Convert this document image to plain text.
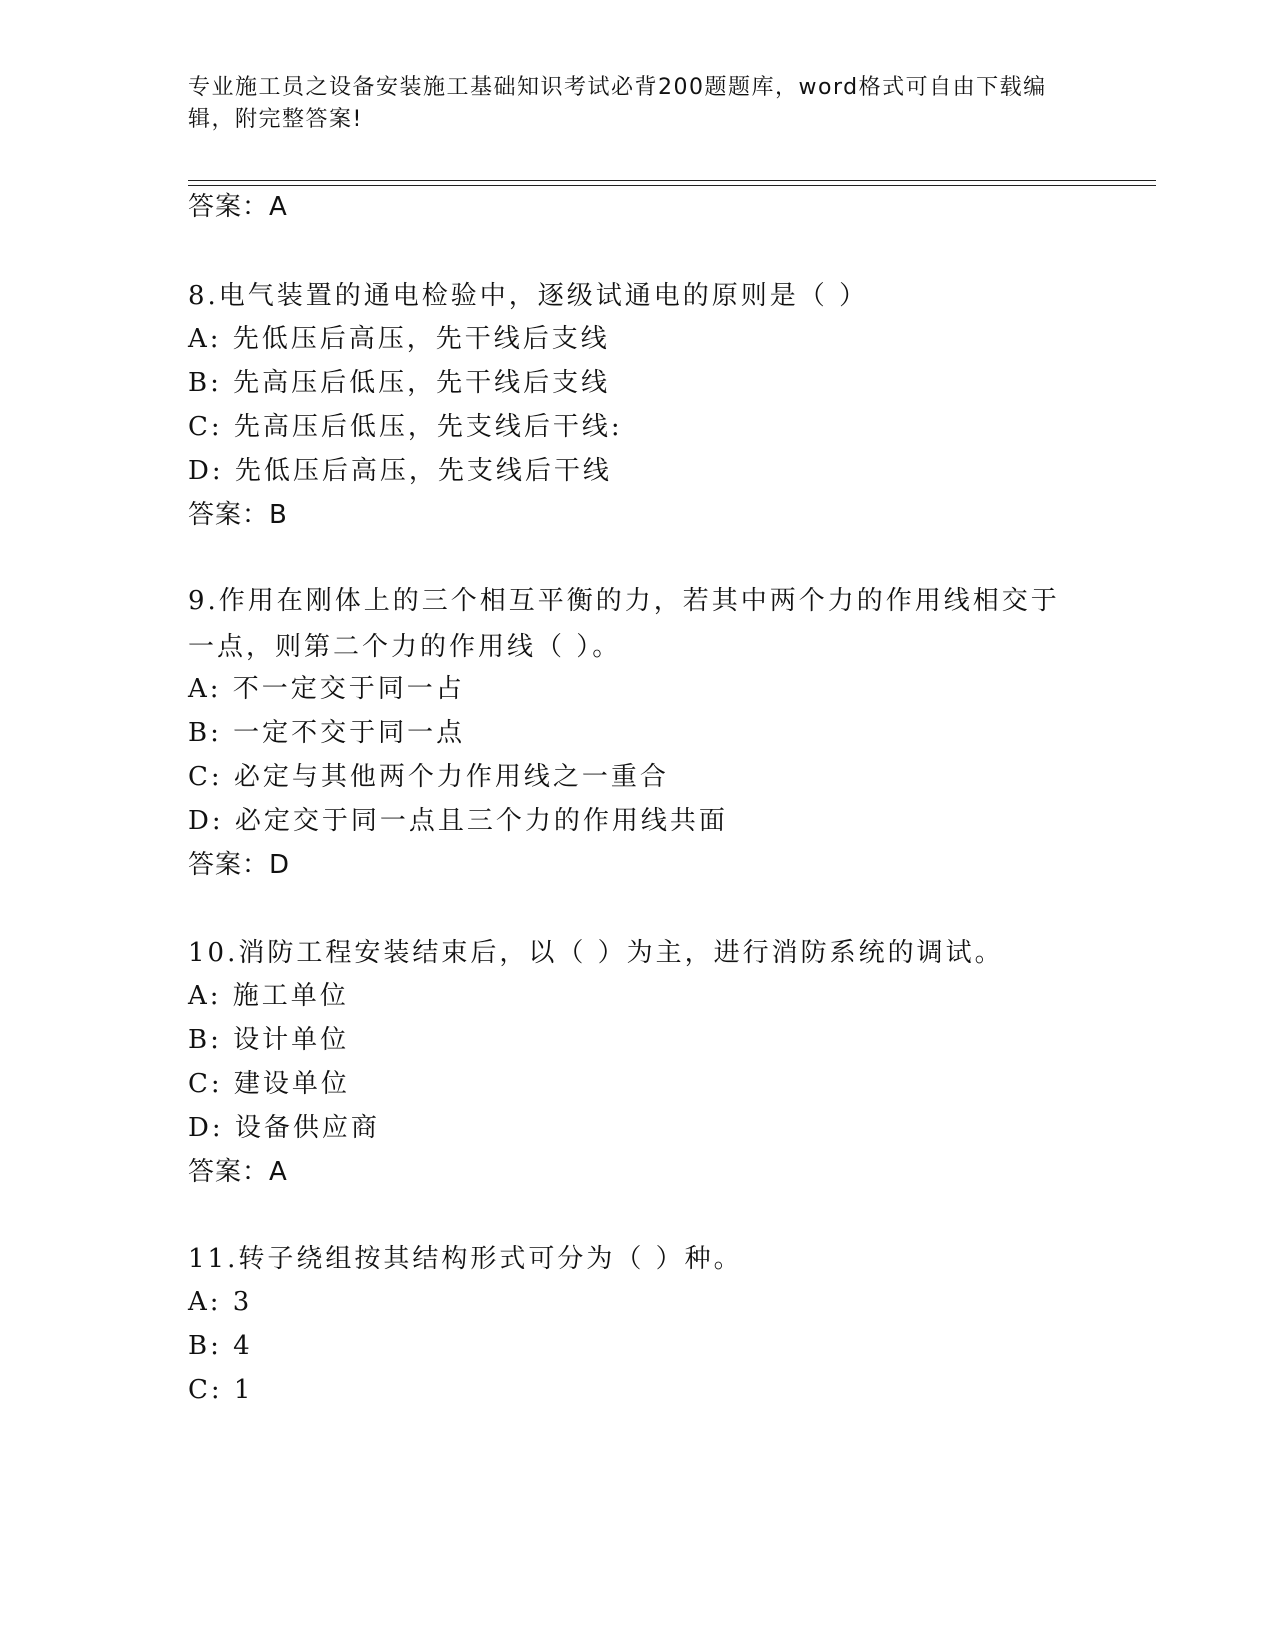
专业施工员之设备安装施工基础知识考试必背200题题库，word格式可自由下载编辑，附完整答案!
答案：A
8.电气装置的通电检验中，逐级试通电的原则是（ ）
A: 先低压后高压，先干线后支线
B: 先高压后低压，先干线后支线
C: 先高压后低压，先支线后干线:
D: 先低压后高压，先支线后干线
答案：B
9.作用在刚体上的三个相互平衡的力，若其中两个力的作用线相交于一点，则第二个力的作用线（ ）。
A: 不一定交于同一占
B: 一定不交于同一点
C: 必定与其他两个力作用线之一重合
D: 必定交于同一点且三个力的作用线共面
答案：D
10.消防工程安装结束后，以（ ）为主，进行消防系统的调试。
A: 施工单位
B: 设计单位
C: 建设单位
D: 设备供应商
答案：A
11.转子绕组按其结构形式可分为（ ）种。
A: 3
B: 4
C: 1
